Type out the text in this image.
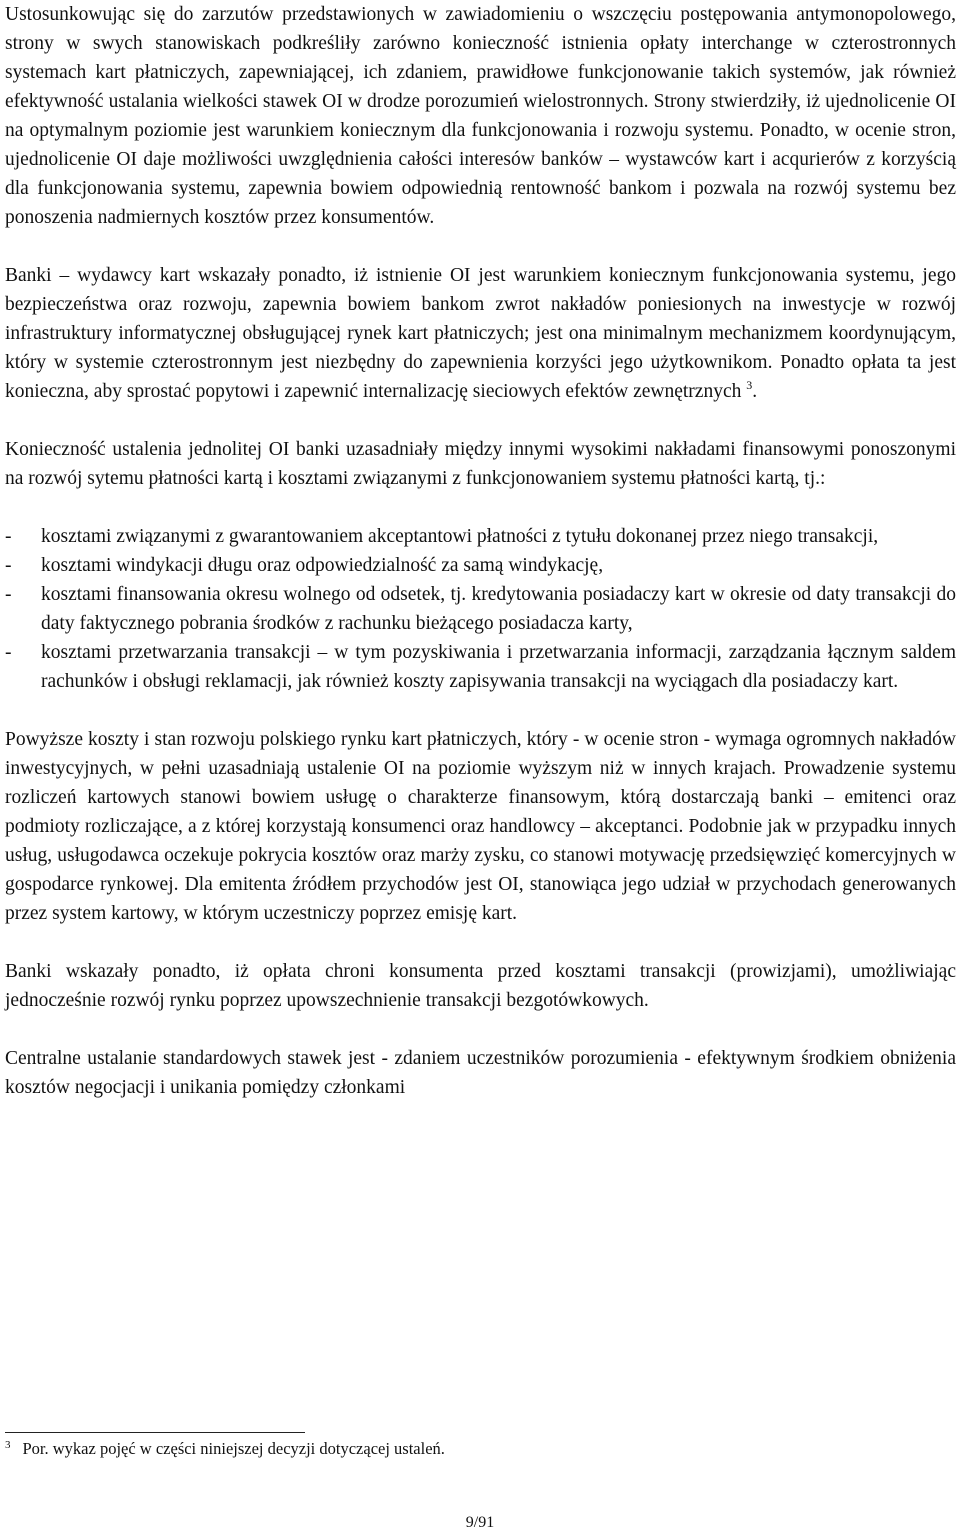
Ustosunkowując się do zarzutów przedstawionych w zawiadomieniu o wszczęciu postępowania antymonopolowego, strony w swych stanowiskach podkreśliły zarówno konieczność istnienia opłaty interchange w czterostronnych systemach kart płatniczych, zapewniającej, ich zdaniem, prawidłowe funkcjonowanie takich systemów, jak również efektywność ustalania wielkości stawek OI w drodze porozumień wielostronnych. Strony stwierdziły, iż ujednolicenie OI na optymalnym poziomie jest warunkiem koniecznym dla funkcjonowania i rozwoju systemu. Ponadto, w ocenie stron, ujednolicenie OI daje możliwości uwzględnienia całości interesów banków – wystawców kart i acqurierów z korzyścią dla funkcjonowania systemu, zapewnia bowiem odpowiednią rentowność bankom i pozwala na rozwój systemu bez ponoszenia nadmiernych kosztów przez konsumentów.

Banki – wydawcy kart wskazały ponadto, iż istnienie OI jest warunkiem koniecznym funkcjonowania systemu, jego bezpieczeństwa oraz rozwoju, zapewnia bowiem bankom zwrot nakładów poniesionych na inwestycje w rozwój infrastruktury informatycznej obsługującej rynek kart płatniczych; jest ona minimalnym mechanizmem koordynującym, który w systemie czterostronnym jest niezbędny do zapewnienia korzyści jego użytkownikom. Ponadto opłata ta jest konieczna, aby sprostać popytowi i zapewnić internalizację sieciowych efektów zewnętrznych $^3$.

Konieczność ustalenia jednolitej OI banki uzasadniały między innymi wysokimi nakładami finansowymi ponoszonymi na rozwój sytemu płatności kartą i kosztami związanymi z funkcjonowaniem systemu płatności kartą, tj.:

- kosztami związanymi z gwarantowaniem akceptantowi płatności z tytułu dokonanej przez niego transakcji,
- kosztami windykacji długu oraz odpowiedzialność za samą windykację,
- kosztami finansowania okresu wolnego od odsetek, tj. kredytowania posiadaczy kart w okresie od daty transakcji do daty faktycznego pobrania środków z rachunku bieżącego posiadacza karty,
- kosztami przetwarzania transakcji – w tym pozyskiwania i przetwarzania informacji, zarządzania łącznym saldem rachunków i obsługi reklamacji, jak również koszty zapisywania transakcji na wyciągach dla posiadaczy kart.

Powyższe koszty i stan rozwoju polskiego rynku kart płatniczych, który - w ocenie stron - wymaga ogromnych nakładów inwestycyjnych, w pełni uzasadniają ustalenie OI na poziomie wyższym niż w innych krajach. Prowadzenie systemu rozliczeń kartowych stanowi bowiem usługę o charakterze finansowym, którą dostarczają banki – emitenci oraz podmioty rozliczające, a z której korzystają konsumenci oraz handlowcy – akceptanci. Podobnie jak w przypadku innych usług, usługodawca oczekuje pokrycia kosztów oraz marży zysku, co stanowi motywację przedsięwzięć komercyjnych w gospodarce rynkowej. Dla emitenta źródłem przychodów jest OI, stanowiąca jego udział w przychodach generowanych przez system kartowy, w którym uczestniczy poprzez emisję kart.

Banki wskazały ponadto, iż opłata chroni konsumenta przed kosztami transakcji (prowizjami), umożliwiając jednocześnie rozwój rynku poprzez upowszechnienie transakcji bezgotówkowych.

Centralne ustalanie standardowych stawek jest - zdaniem uczestników porozumienia - efektywnym środkiem obniżenia kosztów negocjacji i unikania pomiędzy członkami

$^3$ Por. wykaz pojęć w części niniejszej decyzji dotyczącej ustaleń.
9/91
